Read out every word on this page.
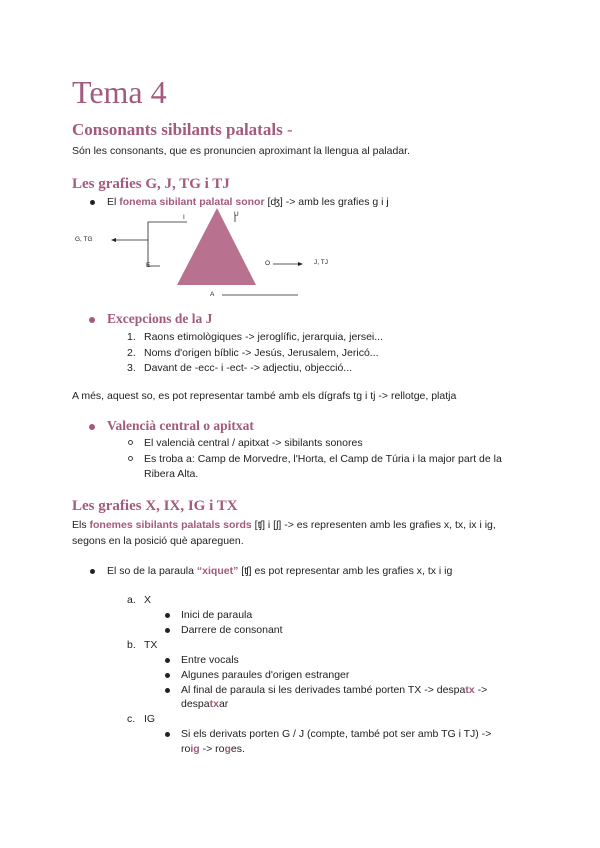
Tema 4
Consonants sibilants palatals -
Són les consonants, que es pronuncien aproximant la llengua al paladar.
Les grafies G, J, TG i TJ
El fonema sibilant palatal sonor [ʤ] -> amb les grafies g i j
G, TG
I	U
E	O	J, TJ
A
Excepcions de la J
1. Raons etimològiques -> jeroglífic, jerarquia, jersei...
2. Noms d'origen bíblic -> Jesús, Jerusalem, Jericó...
3. Davant de -ecc- i -ect- -> adjectiu, objecció...
A més, aquest so, es pot representar també amb els dígrafs tg i tj -> rellotge, platja
Valencià central o apitxat
El valencià central / apitxat -> sibilants sonores
Es troba a: Camp de Morvedre, l'Horta, el Camp de Túria i la major part de la
Ribera Alta.
Les grafies X, IX, IG i TX
Els fonemes sibilants palatals sords [ʧ] i [ʃ] -> es representen amb les grafies x, tx, ix i ig,
segons en la posició què apareguen.
El so de la paraula “xiquet” [ʧ] es pot representar amb les grafies x, tx i ig
a. X
Inici de paraula
Darrere de consonant
b. TX
Entre vocals
Algunes paraules d'origen estranger
Al final de paraula si les derivades també porten TX -> despatx ->
despatxar
c. IG
Si els derivats porten G / J (compte, també pot ser amb TG i TJ) ->
roig -> roges.
